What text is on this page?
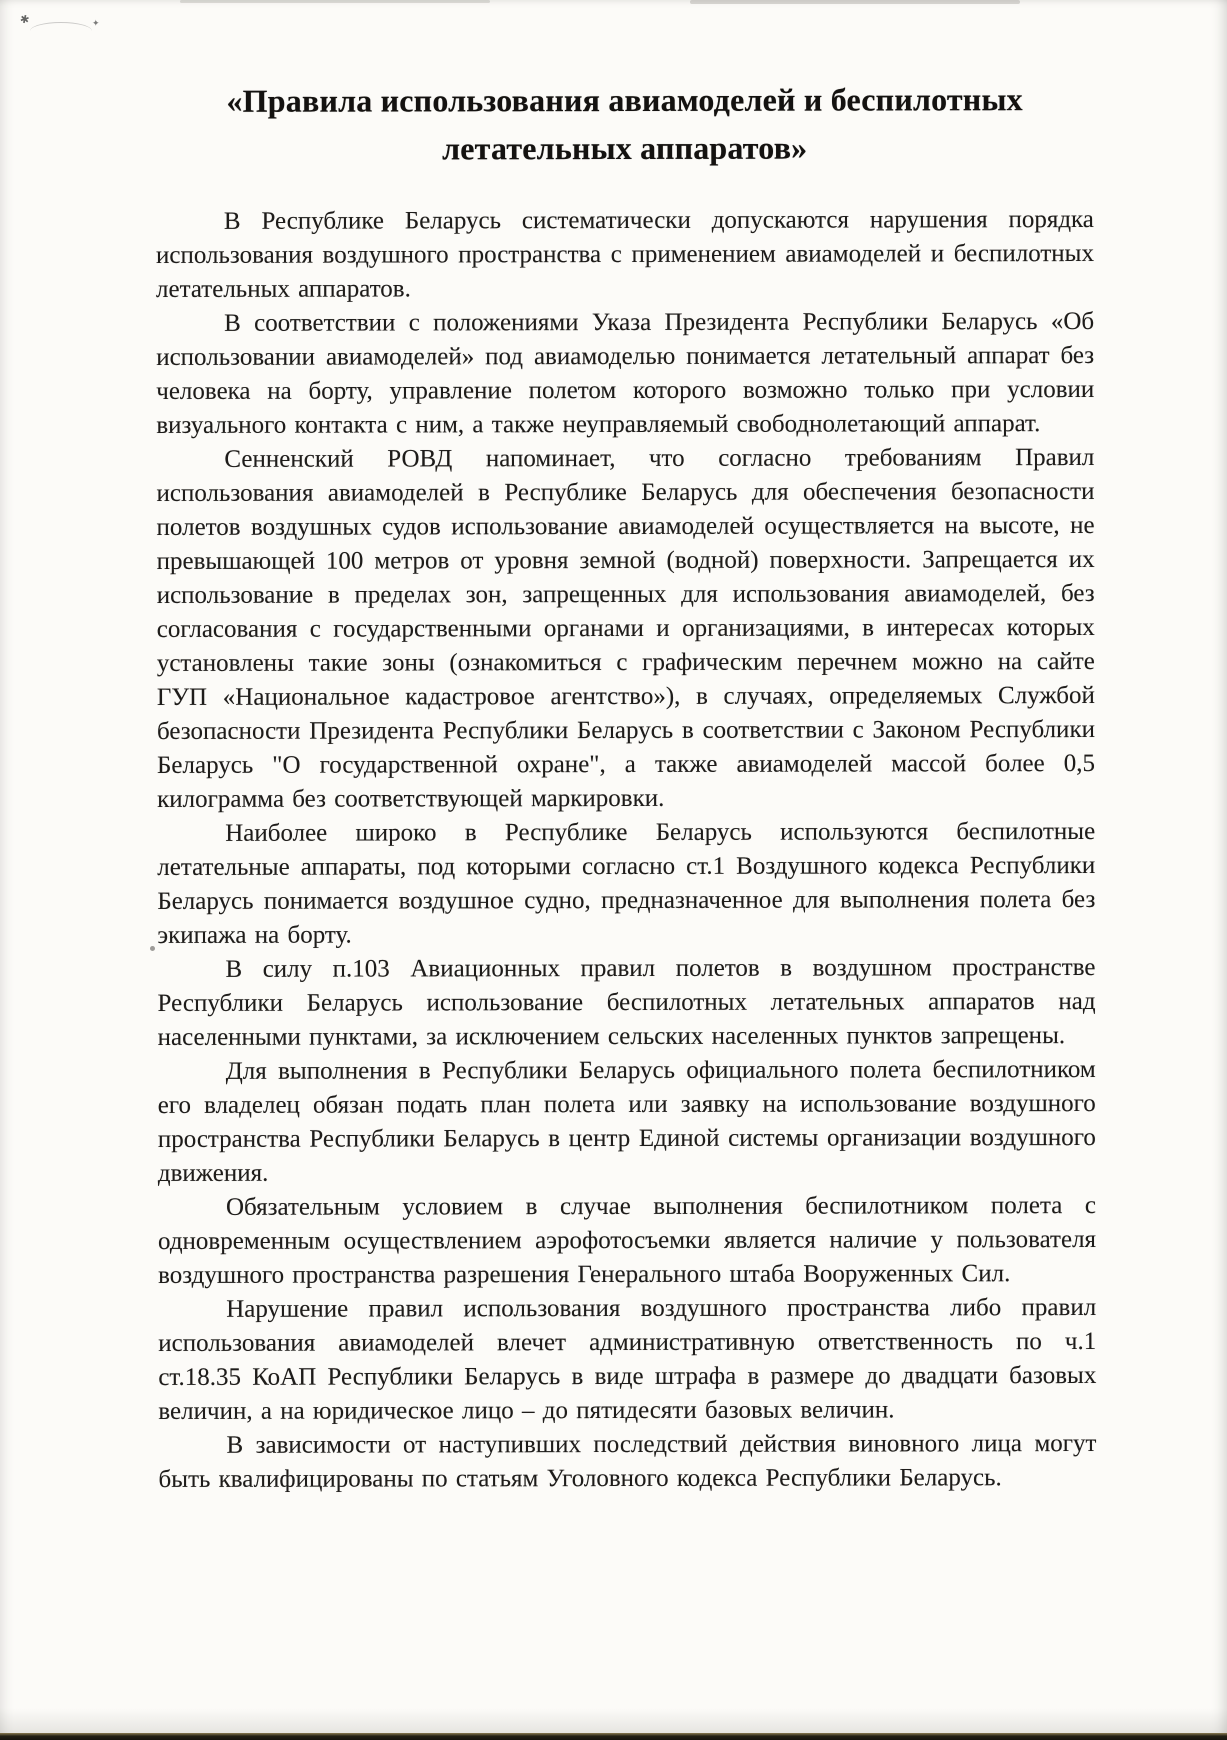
✱	✦
«Правила использования авиамоделей и беспилотных летательных аппаратов»

В Республике Беларусь систематически допускаются нарушения порядка использования воздушного пространства с применением авиамоделей и беспилотных летательных аппаратов.

В соответствии с положениями Указа Президента Республики Беларусь «Об использовании авиамоделей» под авиамоделью понимается летательный аппарат без человека на борту, управление полетом которого возможно только при условии визуального контакта с ним, а также неуправляемый свободнолетающий аппарат.

Сенненский РОВД напоминает, что согласно требованиям Правил использования авиамоделей в Республике Беларусь для обеспечения безопасности полетов воздушных судов использование авиамоделей осуществляется на высоте, не превышающей 100 метров от уровня земной (водной) поверхности. Запрещается их использование в пределах зон, запрещенных для использования авиамоделей, без согласования с государственными органами и организациями, в интересах которых установлены такие зоны (ознакомиться с графическим перечнем можно на сайте ГУП «Национальное кадастровое агентство»), в случаях, определяемых Службой безопасности Президента Республики Беларусь в соответствии с Законом Республики Беларусь "О государственной охране", а также авиамоделей массой более 0,5 килограмма без соответствующей маркировки.

Наиболее широко в Республике Беларусь используются беспилотные летательные аппараты, под которыми согласно ст.1 Воздушного кодекса Республики Беларусь понимается воздушное судно, предназначенное для выполнения полета без экипажа на борту.

В силу п.103 Авиационных правил полетов в воздушном пространстве Республики Беларусь использование беспилотных летательных аппаратов над населенными пунктами, за исключением сельских населенных пунктов запрещены.

Для выполнения в Республики Беларусь официального полета беспилотником его владелец обязан подать план полета или заявку на использование воздушного пространства Республики Беларусь в центр Единой системы организации воздушного движения.

Обязательным условием в случае выполнения беспилотником полета с одновременным осуществлением аэрофотосъемки является наличие у пользователя воздушного пространства разрешения Генерального штаба Вооруженных Сил.

Нарушение правил использования воздушного пространства либо правил использования авиамоделей влечет административную ответственность по ч.1 ст.18.35 КоАП Республики Беларусь в виде штрафа в размере до двадцати базовых величин, а на юридическое лицо – до пятидесяти базовых величин.

В зависимости от наступивших последствий действия виновного лица могут быть квалифицированы по статьям Уголовного кодекса Республики Беларусь.
